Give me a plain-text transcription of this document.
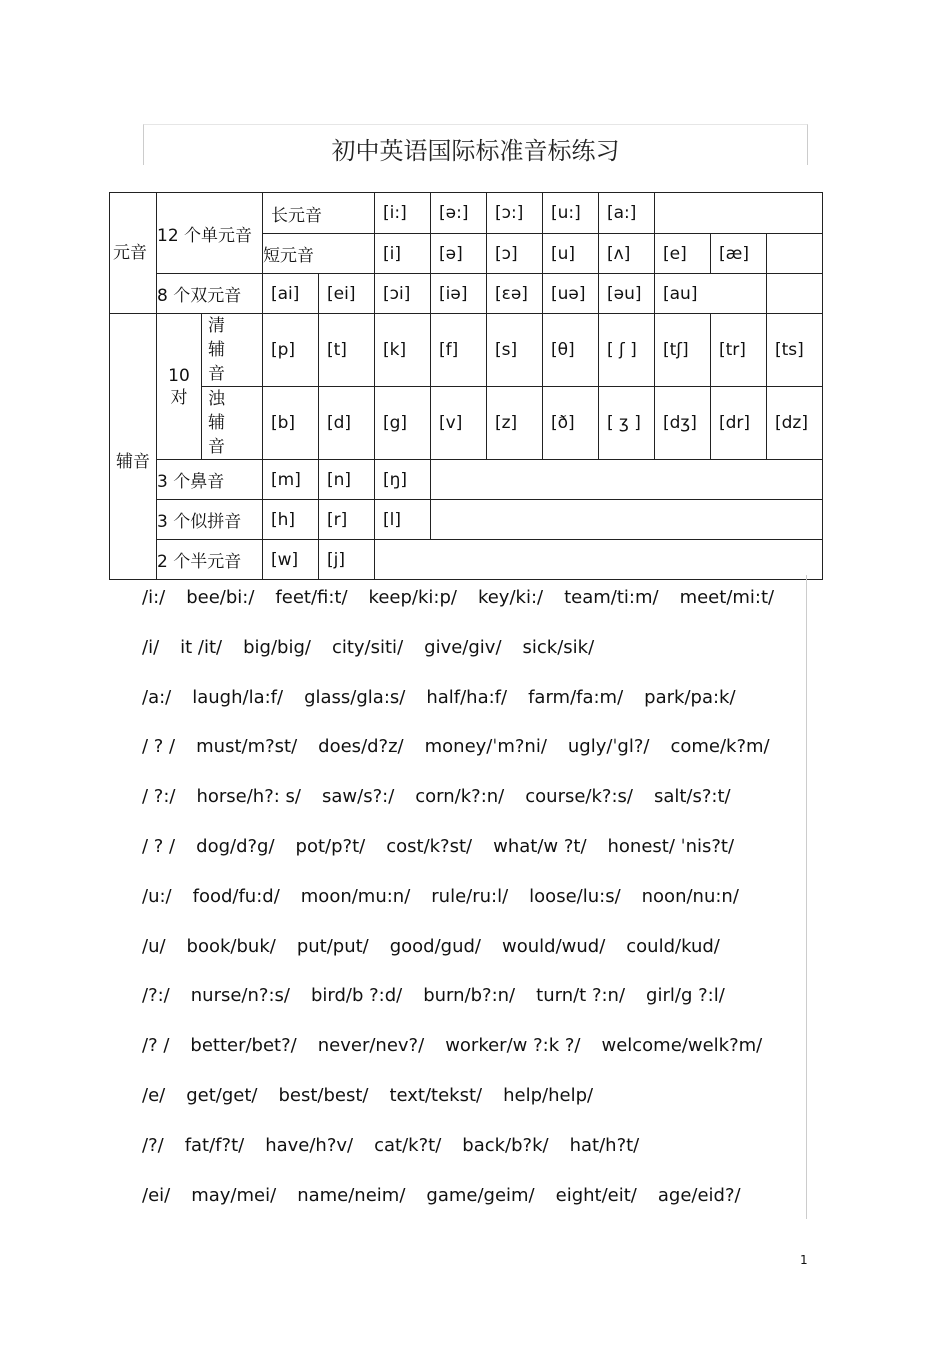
初中英语国际标准音标练习
元音	12 个单元音		长元音		[i:]	[ə:]	[ɔ:]	[u:]	[a:]			
			短元音		[i]	[ə]	[ɔ]	[u]	[ʌ]	[e]	[æ]	
	8 个双元音		[ai]	[ei]	[ɔi]	[iə]	[ɛə]	[uə]	[əu]	[au]		
辅音	10 对	清 辅 音	[p]	[t]	[k]	[f]	[s]	[θ]	[ ʃ ]	[tʃ]	[tr]	[ts]
		浊 辅 音	[b]	[d]	[g]	[v]	[z]	[ð]	[ ʒ ]	[dʒ]	[dr]	[dz]
	3 个鼻音		[m]	[n]	[ŋ]							
	3 个似拼音		[h]	[r]	[l]							
	2 个半元音		[w]	[j]								
/i:/ bee/bi:/ feet/fi:t/ keep/ki:p/ key/ki:/ team/ti:m/ meet/mi:t/
/i/ it /it/ big/big/ city/siti/ give/giv/ sick/sik/
/a:/ laugh/la:f/ glass/gla:s/ half/ha:f/ farm/fa:m/ park/pa:k/
/ ? / must/m?st/ does/d?z/ money/ˈm?ni/ ugly/ˈgl?/ come/k?m/
/ ?:/ horse/h?: s/ saw/s?:/ corn/k?:n/ course/k?:s/ salt/s?:t/
/ ? / dog/d?g/ pot/p?t/ cost/k?st/ what/w ?t/ honest/ ˈnis?t/
/u:/ food/fu:d/ moon/mu:n/ rule/ru:l/ loose/lu:s/ noon/nu:n/
/u/ book/buk/ put/put/ good/gud/ would/wud/ could/kud/
/?:/ nurse/n?:s/ bird/b ?:d/ burn/b?:n/ turn/t ?:n/ girl/g ?:l/
/? / better/bet?/ never/nev?/ worker/w ?:k ?/ welcome/welk?m/
/e/ get/get/ best/best/ text/tekst/ help/help/
/?/ fat/f?t/ have/h?v/ cat/k?t/ back/b?k/ hat/h?t/
/ei/ may/mei/ name/neim/ game/geim/ eight/eit/ age/eid?/
1
